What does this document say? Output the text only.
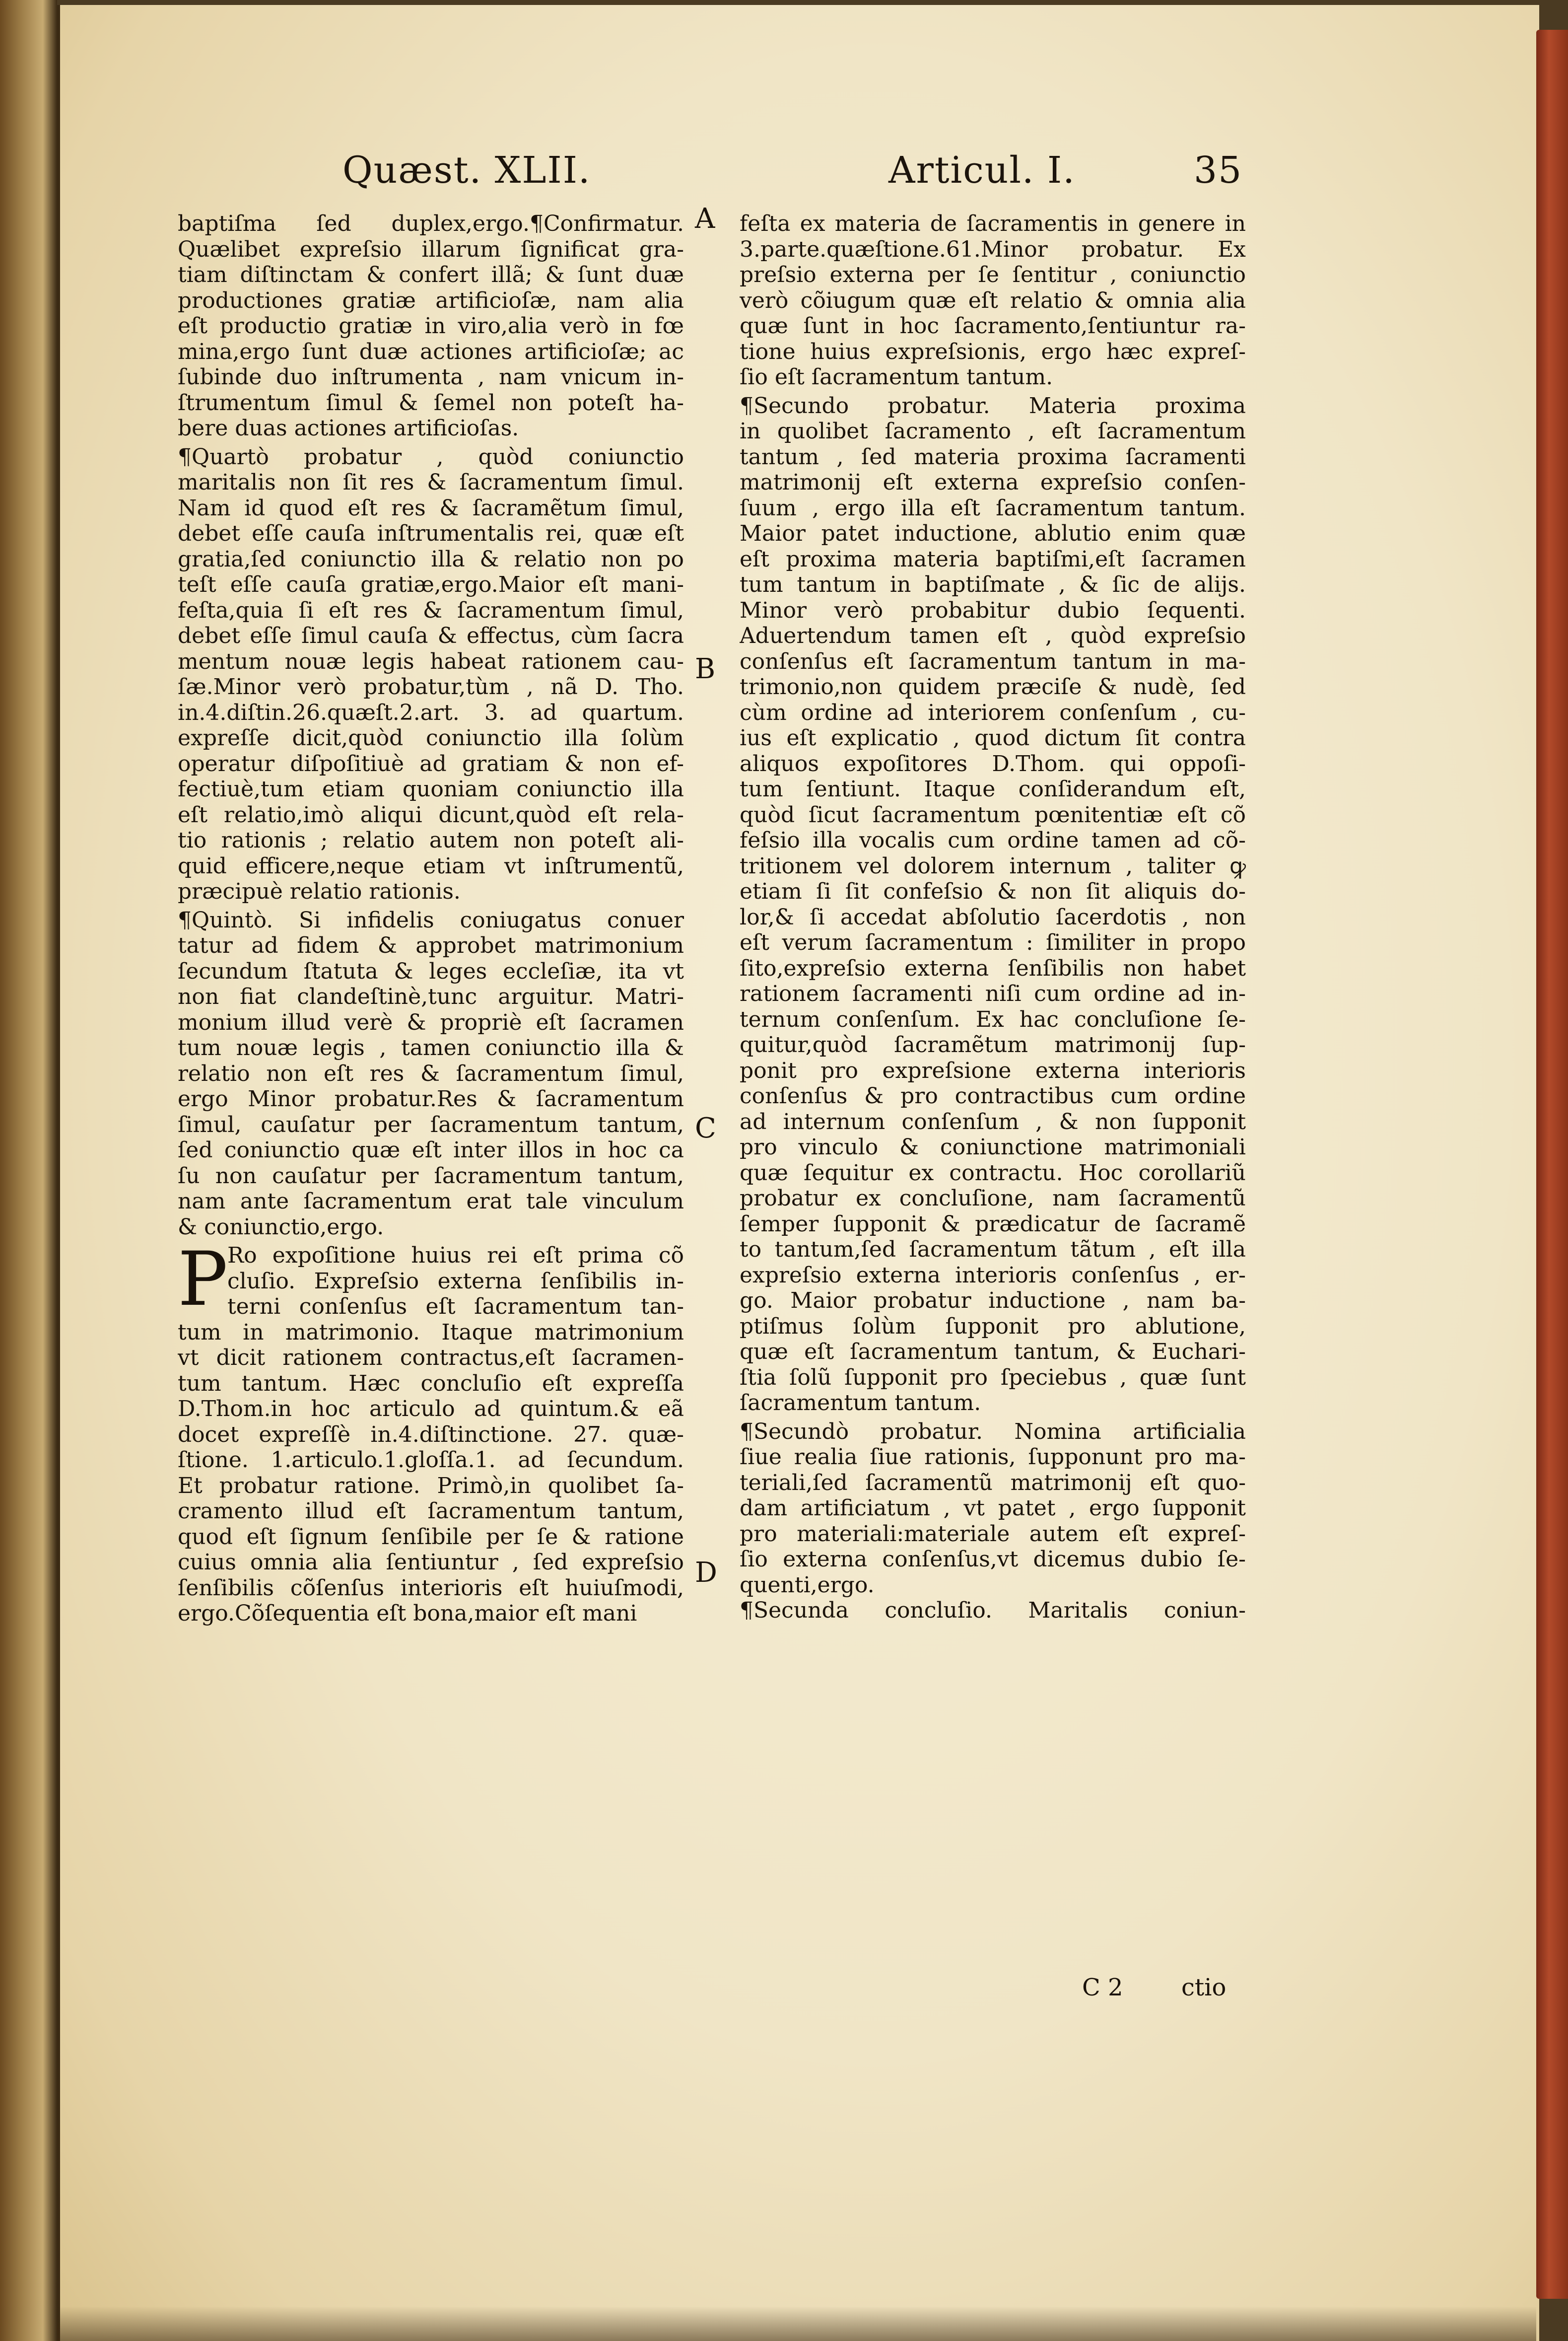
Quæst. XLII.	Articul. I.	35
baptiſma ſed duplex,ergo.¶Confirmatur.
Quælibet expreſsio illarum ſignificat gra-
tiam diſtinctam & confert illã; & ſunt duæ
productiones gratiæ artificioſæ, nam alia
eſt productio gratiæ in viro,alia verò in fœ
mina,ergo ſunt duæ actiones artificioſæ; ac
ſubinde duo inſtrumenta , nam vnicum in-
ſtrumentum ſimul & ſemel non poteſt ha-
bere duas actiones artificioſas.
¶Quartò probatur , quòd coniunctio
maritalis non ſit res & ſacramentum ſimul.
Nam id quod eſt res & ſacramẽtum ſimul,
debet eſſe cauſa inſtrumentalis rei, quæ eſt
gratia,ſed coniunctio illa & relatio non po
teſt eſſe cauſa gratiæ,ergo.Maior eſt mani-
feſta,quia ſi eſt res & ſacramentum ſimul,
debet eſſe ſimul cauſa & effectus, cùm ſacra
mentum nouæ legis habeat rationem cau-
ſæ.Minor verò probatur,tùm , nã D. Tho.
in.4.diſtin.26.quæſt.2.art. 3. ad quartum.
expreſſe dicit,quòd coniunctio illa ſolùm
operatur diſpoſitiuè ad gratiam & non ef-
fectiuè,tum etiam quoniam coniunctio illa
eſt relatio,imò aliqui dicunt,quòd eſt rela-
tio rationis ; relatio autem non poteſt ali-
quid efficere,neque etiam vt inſtrumentũ,
præcipuè relatio rationis.
¶Quintò. Si infidelis coniugatus conuer
tatur ad fidem & approbet matrimonium
ſecundum ſtatuta & leges eccleſiæ, ita vt
non fiat clandeſtinè,tunc arguitur. Matri-
monium illud verè & propriè eſt ſacramen
tum nouæ legis , tamen coniunctio illa &
relatio non eſt res & ſacramentum ſimul,
ergo Minor probatur.Res & ſacramentum
ſimul, cauſatur per ſacramentum tantum,
ſed coniunctio quæ eſt inter illos in hoc ca
ſu non cauſatur per ſacramentum tantum,
nam ante ſacramentum erat tale vinculum
& coniunctio,ergo.
P Ro expoſitione huius rei eſt prima cõ
cluſio. Expreſsio externa ſenſibilis in-
terni conſenſus eſt ſacramentum tan-
tum in matrimonio. Itaque matrimonium
vt dicit rationem contractus,eſt ſacramen-
tum tantum. Hæc concluſio eſt expreſſa
D.Thom.in hoc articulo ad quintum.& eã
docet expreſſè in.4.diſtinctione. 27. quæ-
ſtione. 1.articulo.1.gloſſa.1. ad ſecundum.
Et probatur ratione. Primò,in quolibet ſa-
cramento illud eſt ſacramentum tantum,
quod eſt ſignum ſenſibile per ſe & ratione
cuius omnia alia ſentiuntur , ſed expreſsio
ſenſibilis cõſenſus interioris eſt huiuſmodi,
ergo.Cõſequentia eſt bona,maior eſt mani
feſta ex materia de ſacramentis in genere in
3.parte.quæſtione.61.Minor probatur. Ex
preſsio externa per ſe ſentitur , coniunctio
verò cõiugum quæ eſt relatio & omnia alia
quæ ſunt in hoc ſacramento,ſentiuntur ra-
tione huius expreſsionis, ergo hæc expreſ-
ſio eſt ſacramentum tantum.
¶Secundo probatur. Materia proxima
in quolibet ſacramento , eſt ſacramentum
tantum , ſed materia proxima ſacramenti
matrimonij eſt externa expreſsio conſen-
ſuum , ergo illa eſt ſacramentum tantum.
Maior patet inductione, ablutio enim quæ
eſt proxima materia baptiſmi,eſt ſacramen
tum tantum in baptiſmate , & ſic de alijs.
Minor verò probabitur dubio ſequenti.
Aduertendum tamen eſt , quòd expreſsio
conſenſus eſt ſacramentum tantum in ma-
trimonio,non quidem præciſe & nudè, ſed
cùm ordine ad interiorem conſenſum , cu-
ius eſt explicatio , quod dictum ſit contra
aliquos expoſitores D.Thom. qui oppoſi-
tum ſentiunt. Itaque conſiderandum eſt,
quòd ſicut ſacramentum pœnitentiæ eſt cõ
feſsio illa vocalis cum ordine tamen ad cõ-
tritionem vel dolorem internum , taliter ꝙ
etiam ſi ſit confeſsio & non ſit aliquis do-
lor,& ſi accedat abſolutio ſacerdotis , non
eſt verum ſacramentum : ſimiliter in propo
ſito,expreſsio externa ſenſibilis non habet
rationem ſacramenti niſi cum ordine ad in-
ternum conſenſum. Ex hac concluſione ſe-
quitur,quòd ſacramẽtum matrimonij ſup-
ponit pro expreſsione externa interioris
conſenſus & pro contractibus cum ordine
ad internum conſenſum , & non ſupponit
pro vinculo & coniunctione matrimoniali
quæ ſequitur ex contractu. Hoc corollariũ
probatur ex concluſione, nam ſacramentũ
ſemper ſupponit & prædicatur de ſacramẽ
to tantum,ſed ſacramentum tãtum , eſt illa
expreſsio externa interioris conſenſus , er-
go. Maior probatur inductione , nam ba-
ptiſmus ſolùm ſupponit pro ablutione,
quæ eſt ſacramentum tantum, & Euchari-
ſtia ſolũ ſupponit pro ſpeciebus , quæ ſunt
ſacramentum tantum.
¶Secundò probatur. Nomina artificialia
ſiue realia ſiue rationis, ſupponunt pro ma-
teriali,ſed ſacramentũ matrimonij eſt quo-
dam artificiatum , vt patet , ergo ſupponit
pro materiali:materiale autem eſt expreſ-
ſio externa conſenſus,vt dicemus dubio ſe-
quenti,ergo.
¶Secunda concluſio. Maritalis coniun-
A
B
C
D
C 2 ctio
